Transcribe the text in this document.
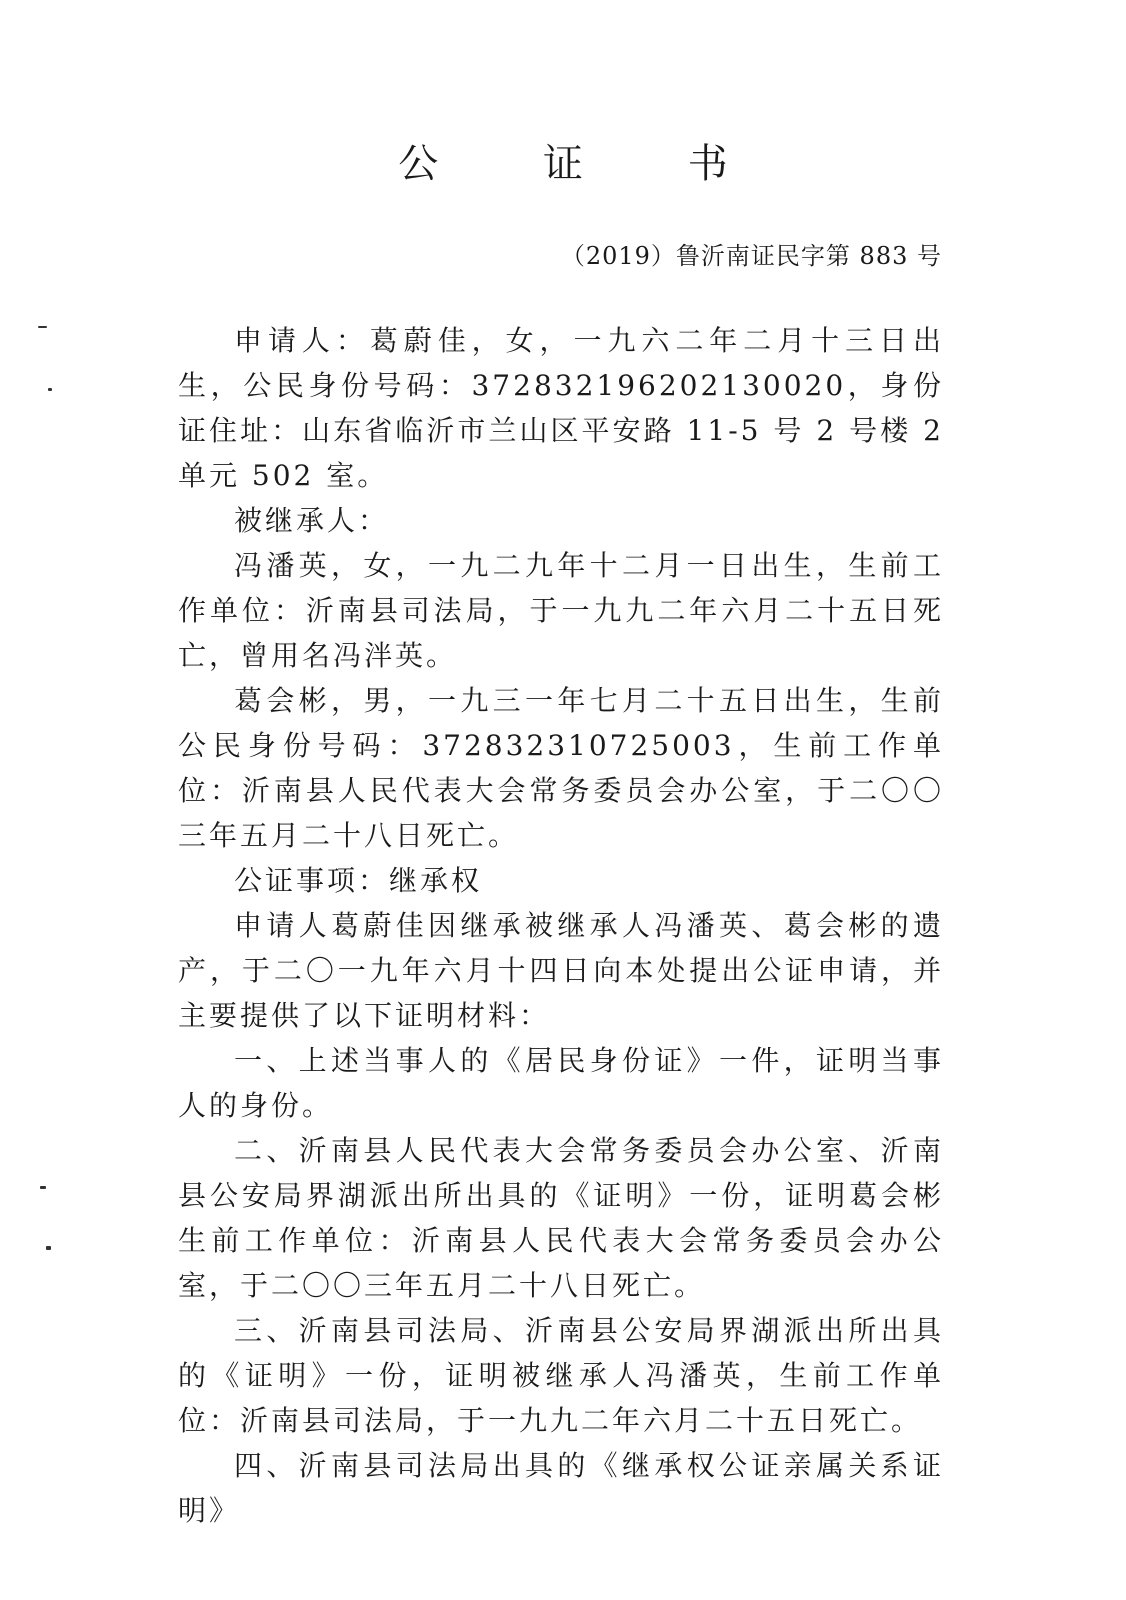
公 证 书
（2019）鲁沂南证民字第 883 号

申请人：葛蔚佳，女，一九六二年二月十三日出生，公民身份号码：372832196202130020，身份证住址：山东省临沂市兰山区平安路 11-5 号 2 号楼 2 单元 502 室。

被继承人：

冯潘英，女，一九二九年十二月一日出生，生前工作单位：沂南县司法局，于一九九二年六月二十五日死亡，曾用名冯泮英。

葛会彬，男，一九三一年七月二十五日出生，生前公民身份号码：372832310725003，生前工作单位：沂南县人民代表大会常务委员会办公室，于二〇〇三年五月二十八日死亡。

公证事项：继承权

申请人葛蔚佳因继承被继承人冯潘英、葛会彬的遗产，于二〇一九年六月十四日向本处提出公证申请，并主要提供了以下证明材料：

一、上述当事人的《居民身份证》一件，证明当事人的身份。

二、沂南县人民代表大会常务委员会办公室、沂南县公安局界湖派出所出具的《证明》一份，证明葛会彬生前工作单位：沂南县人民代表大会常务委员会办公室，于二〇〇三年五月二十八日死亡。

三、沂南县司法局、沂南县公安局界湖派出所出具的《证明》一份，证明被继承人冯潘英，生前工作单位：沂南县司法局，于一九九二年六月二十五日死亡。

四、沂南县司法局出具的《继承权公证亲属关系证明》
